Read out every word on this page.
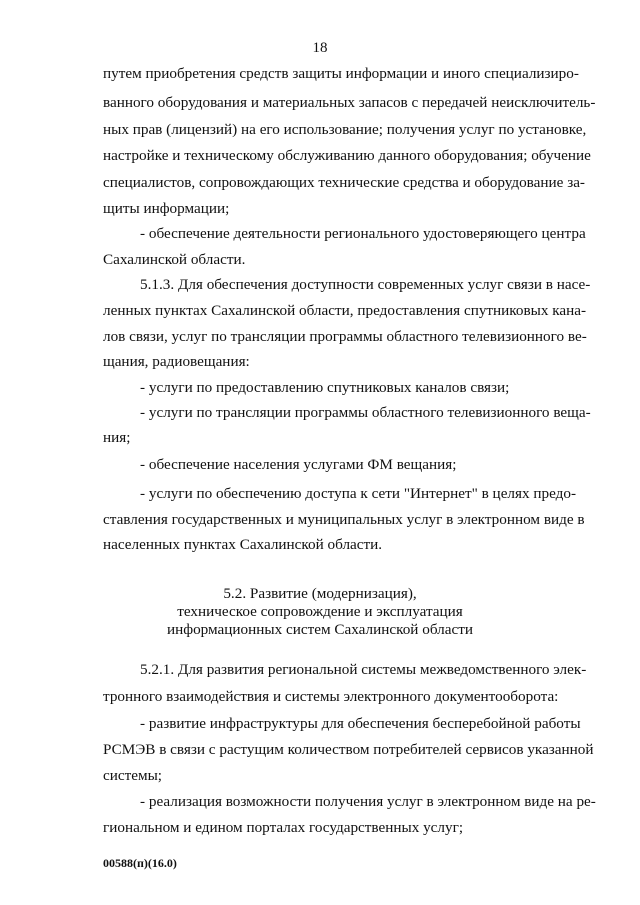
18
путем приобретения средств защиты информации и иного специализиро-
ванного оборудования и материальных запасов с передачей неисключитель-
ных прав (лицензий) на его использование; получения услуг по установке,
настройке и техническому обслуживанию данного оборудования; обучение
специалистов, сопровождающих технические средства и оборудование за-
щиты информации;
- обеспечение деятельности регионального удостоверяющего центра
Сахалинской области.
5.1.3. Для обеспечения доступности современных услуг связи в насе-
ленных пунктах Сахалинской области, предоставления спутниковых кана-
лов связи, услуг по трансляции программы областного телевизионного ве-
щания, радиовещания:
- услуги по предоставлению спутниковых каналов связи;
- услуги по трансляции программы областного телевизионного веща-
ния;
- обеспечение населения услугами ФМ вещания;
- услуги по обеспечению доступа к сети "Интернет" в целях предо-
ставления государственных и муниципальных услуг в электронном виде в
населенных пунктах Сахалинской области.
5.2. Развитие (модернизация),
техническое сопровождение и эксплуатация
информационных систем Сахалинской области
5.2.1. Для развития региональной системы межведомственного элек-
тронного взаимодействия и системы электронного документооборота:
- развитие инфраструктуры для обеспечения бесперебойной работы
РСМЭВ в связи с растущим количеством потребителей сервисов указанной
системы;
- реализация возможности получения услуг в электронном виде на ре-
гиональном и едином порталах государственных услуг;
00588(п)(16.0)
